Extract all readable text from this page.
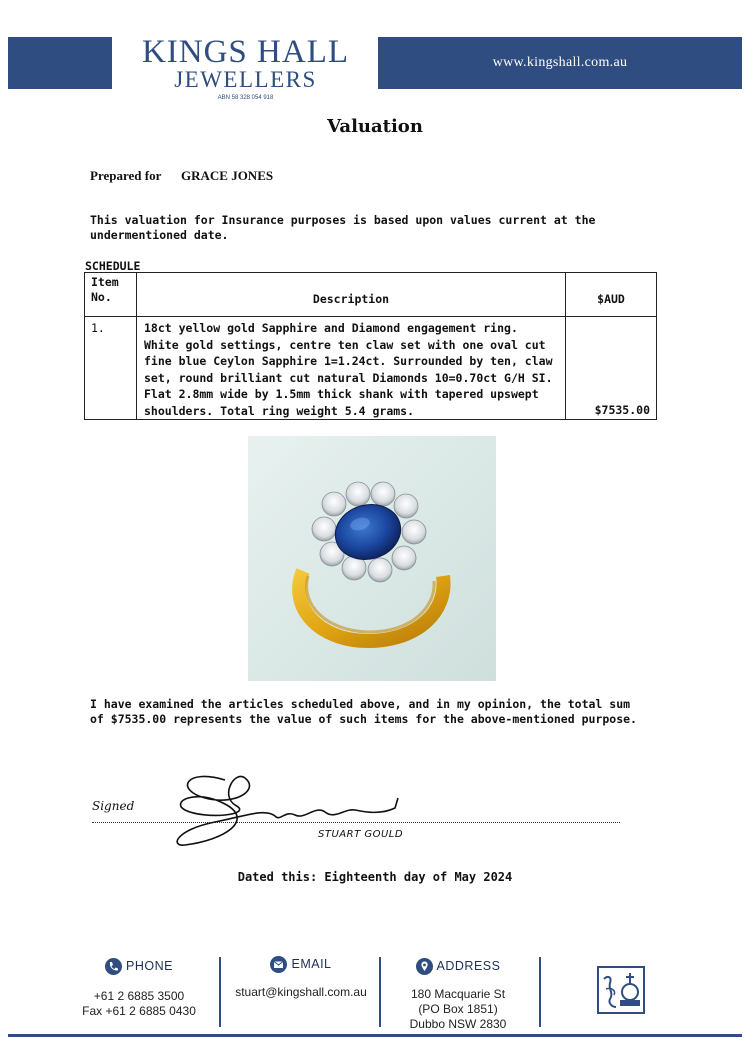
www.kingshall.com.au
KINGS HALL
JEWELLERS
ABN 58 328 054 918
Valuation
Prepared for GRACE JONES
This valuation for Insurance purposes is based upon values current at the undermentioned date.
SCHEDULE
Item No.	Description	$AUD
1.	18ct yellow gold Sapphire and Diamond engagement ring. White gold settings, centre ten claw set with one oval cut fine blue Ceylon Sapphire 1=1.24ct. Surrounded by ten, claw set, round brilliant cut natural Diamonds 10=0.70ct G/H SI. Flat 2.8mm wide by 1.5mm thick shank with tapered upswept shoulders. Total ring weight 5.4 grams.	$7535.00
I have examined the articles scheduled above, and in my opinion, the total sum of $7535.00 represents the value of such items for the above-mentioned purpose.
Signed
STUART GOULD
Dated this: Eighteenth day of May 2024
PHONE
+61 2 6885 3500
Fax +61 2 6885 0430
EMAIL
stuart@kingshall.com.au
ADDRESS
180 Macquarie St
(PO Box 1851)
Dubbo NSW 2830
